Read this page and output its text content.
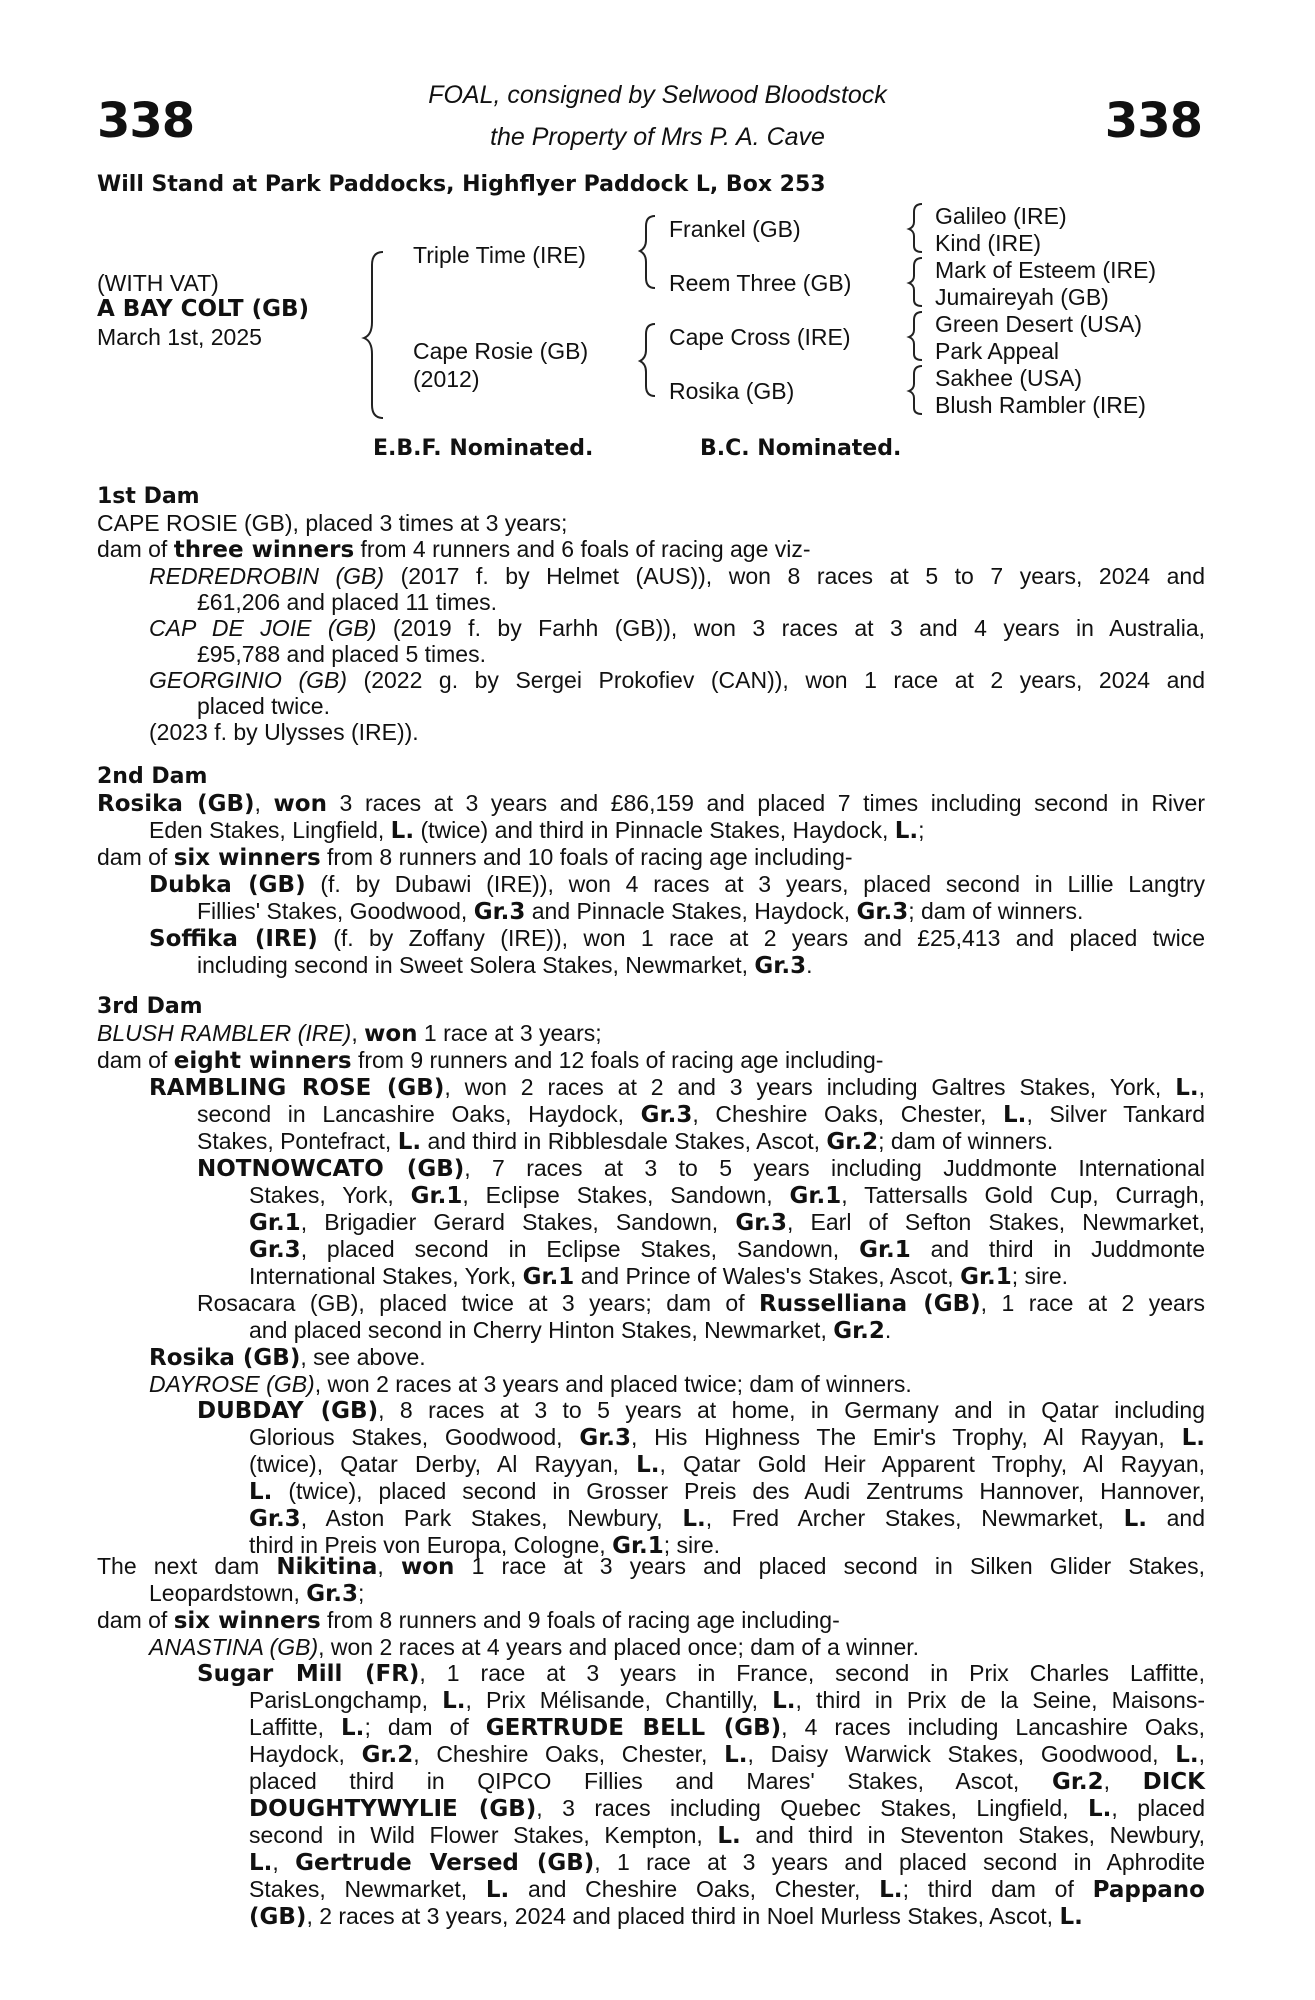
338	338
FOAL, consigned by Selwood Bloodstock
the Property of Mrs P. A. Cave
Will Stand at Park Paddocks, Highflyer Paddock L, Box 253
(WITH VAT)
A BAY COLT (GB)
March 1st, 2025
Triple Time (IRE)
Cape Rosie (GB)
(2012)
Frankel (GB)
Reem Three (GB)
Cape Cross (IRE)
Rosika (GB)
Galileo (IRE)
Kind (IRE)
Mark of Esteem (IRE)
Jumaireyah (GB)
Green Desert (USA)
Park Appeal
Sakhee (USA)
Blush Rambler (IRE)
E.B.F. Nominated.	B.C. Nominated.
1st Dam
CAPE ROSIE (GB), placed 3 times at 3 years;
dam of three winners from 4 runners and 6 foals of racing age viz-
REDREDROBIN (GB) (2017 f. by Helmet (AUS)), won 8 races at 5 to 7 years, 2024 and
£61,206 and placed 11 times.
CAP DE JOIE (GB) (2019 f. by Farhh (GB)), won 3 races at 3 and 4 years in Australia,
£95,788 and placed 5 times.
GEORGINIO (GB) (2022 g. by Sergei Prokofiev (CAN)), won 1 race at 2 years, 2024 and
placed twice.
(2023 f. by Ulysses (IRE)).
2nd Dam
Rosika (GB), won 3 races at 3 years and £86,159 and placed 7 times including second in River
Eden Stakes, Lingfield, L. (twice) and third in Pinnacle Stakes, Haydock, L.;
dam of six winners from 8 runners and 10 foals of racing age including-
Dubka (GB) (f. by Dubawi (IRE)), won 4 races at 3 years, placed second in Lillie Langtry
Fillies' Stakes, Goodwood, Gr.3 and Pinnacle Stakes, Haydock, Gr.3; dam of winners.
Soffika (IRE) (f. by Zoffany (IRE)), won 1 race at 2 years and £25,413 and placed twice
including second in Sweet Solera Stakes, Newmarket, Gr.3.
3rd Dam
BLUSH RAMBLER (IRE), won 1 race at 3 years;
dam of eight winners from 9 runners and 12 foals of racing age including-
RAMBLING ROSE (GB), won 2 races at 2 and 3 years including Galtres Stakes, York, L.,
second in Lancashire Oaks, Haydock, Gr.3, Cheshire Oaks, Chester, L., Silver Tankard
Stakes, Pontefract, L. and third in Ribblesdale Stakes, Ascot, Gr.2; dam of winners.
NOTNOWCATO (GB), 7 races at 3 to 5 years including Juddmonte International
Stakes, York, Gr.1, Eclipse Stakes, Sandown, Gr.1, Tattersalls Gold Cup, Curragh,
Gr.1, Brigadier Gerard Stakes, Sandown, Gr.3, Earl of Sefton Stakes, Newmarket,
Gr.3, placed second in Eclipse Stakes, Sandown, Gr.1 and third in Juddmonte
International Stakes, York, Gr.1 and Prince of Wales's Stakes, Ascot, Gr.1; sire.
Rosacara (GB), placed twice at 3 years; dam of Russelliana (GB), 1 race at 2 years
and placed second in Cherry Hinton Stakes, Newmarket, Gr.2.
Rosika (GB), see above.
DAYROSE (GB), won 2 races at 3 years and placed twice; dam of winners.
DUBDAY (GB), 8 races at 3 to 5 years at home, in Germany and in Qatar including
Glorious Stakes, Goodwood, Gr.3, His Highness The Emir's Trophy, Al Rayyan, L.
(twice), Qatar Derby, Al Rayyan, L., Qatar Gold Heir Apparent Trophy, Al Rayyan,
L. (twice), placed second in Grosser Preis des Audi Zentrums Hannover, Hannover,
Gr.3, Aston Park Stakes, Newbury, L., Fred Archer Stakes, Newmarket, L. and
third in Preis von Europa, Cologne, Gr.1; sire.
The next dam Nikitina, won 1 race at 3 years and placed second in Silken Glider Stakes,
Leopardstown, Gr.3;
dam of six winners from 8 runners and 9 foals of racing age including-
ANASTINA (GB), won 2 races at 4 years and placed once; dam of a winner.
Sugar Mill (FR), 1 race at 3 years in France, second in Prix Charles Laffitte,
ParisLongchamp, L., Prix Mélisande, Chantilly, L., third in Prix de la Seine, Maisons-
Laffitte, L.; dam of GERTRUDE BELL (GB), 4 races including Lancashire Oaks,
Haydock, Gr.2, Cheshire Oaks, Chester, L., Daisy Warwick Stakes, Goodwood, L.,
placed third in QIPCO Fillies and Mares' Stakes, Ascot, Gr.2, DICK
DOUGHTYWYLIE (GB), 3 races including Quebec Stakes, Lingfield, L., placed
second in Wild Flower Stakes, Kempton, L. and third in Steventon Stakes, Newbury,
L., Gertrude Versed (GB), 1 race at 3 years and placed second in Aphrodite
Stakes, Newmarket, L. and Cheshire Oaks, Chester, L.; third dam of Pappano
(GB), 2 races at 3 years, 2024 and placed third in Noel Murless Stakes, Ascot, L.
